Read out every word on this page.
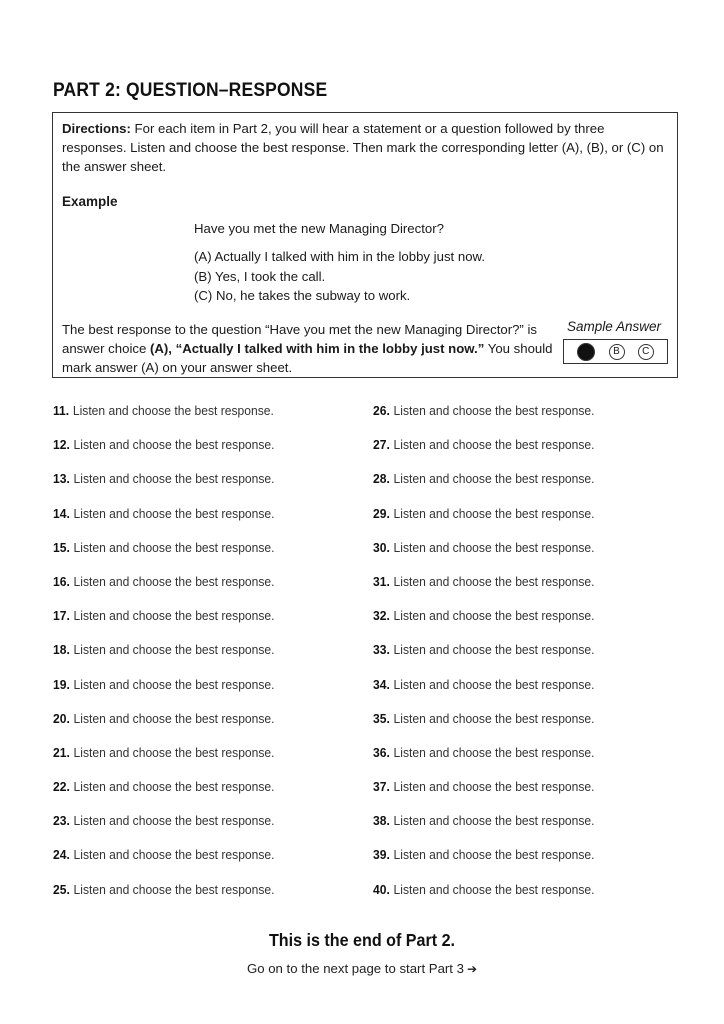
PART 2: QUESTION–RESPONSE
Directions: For each item in Part 2, you will hear a statement or a question followed by three responses. Listen and choose the best response. Then mark the corresponding letter (A), (B), or (C) on the answer sheet.
Example
Have you met the new Managing Director?
(A) Actually I talked with him in the lobby just now.
(B) Yes, I took the call.
(C) No, he takes the subway to work.
The best response to the question “Have you met the new Managing Director?” is answer choice (A), “Actually I talked with him in the lobby just now.” You should mark answer (A) on your answer sheet.
Sample Answer
B	C
11. Listen and choose the best response.
12. Listen and choose the best response.
13. Listen and choose the best response.
14. Listen and choose the best response.
15. Listen and choose the best response.
16. Listen and choose the best response.
17. Listen and choose the best response.
18. Listen and choose the best response.
19. Listen and choose the best response.
20. Listen and choose the best response.
21. Listen and choose the best response.
22. Listen and choose the best response.
23. Listen and choose the best response.
24. Listen and choose the best response.
25. Listen and choose the best response.
26. Listen and choose the best response.
27. Listen and choose the best response.
28. Listen and choose the best response.
29. Listen and choose the best response.
30. Listen and choose the best response.
31. Listen and choose the best response.
32. Listen and choose the best response.
33. Listen and choose the best response.
34. Listen and choose the best response.
35. Listen and choose the best response.
36. Listen and choose the best response.
37. Listen and choose the best response.
38. Listen and choose the best response.
39. Listen and choose the best response.
40. Listen and choose the best response.
This is the end of Part 2.
Go on to the next page to start Part 3 ➔
